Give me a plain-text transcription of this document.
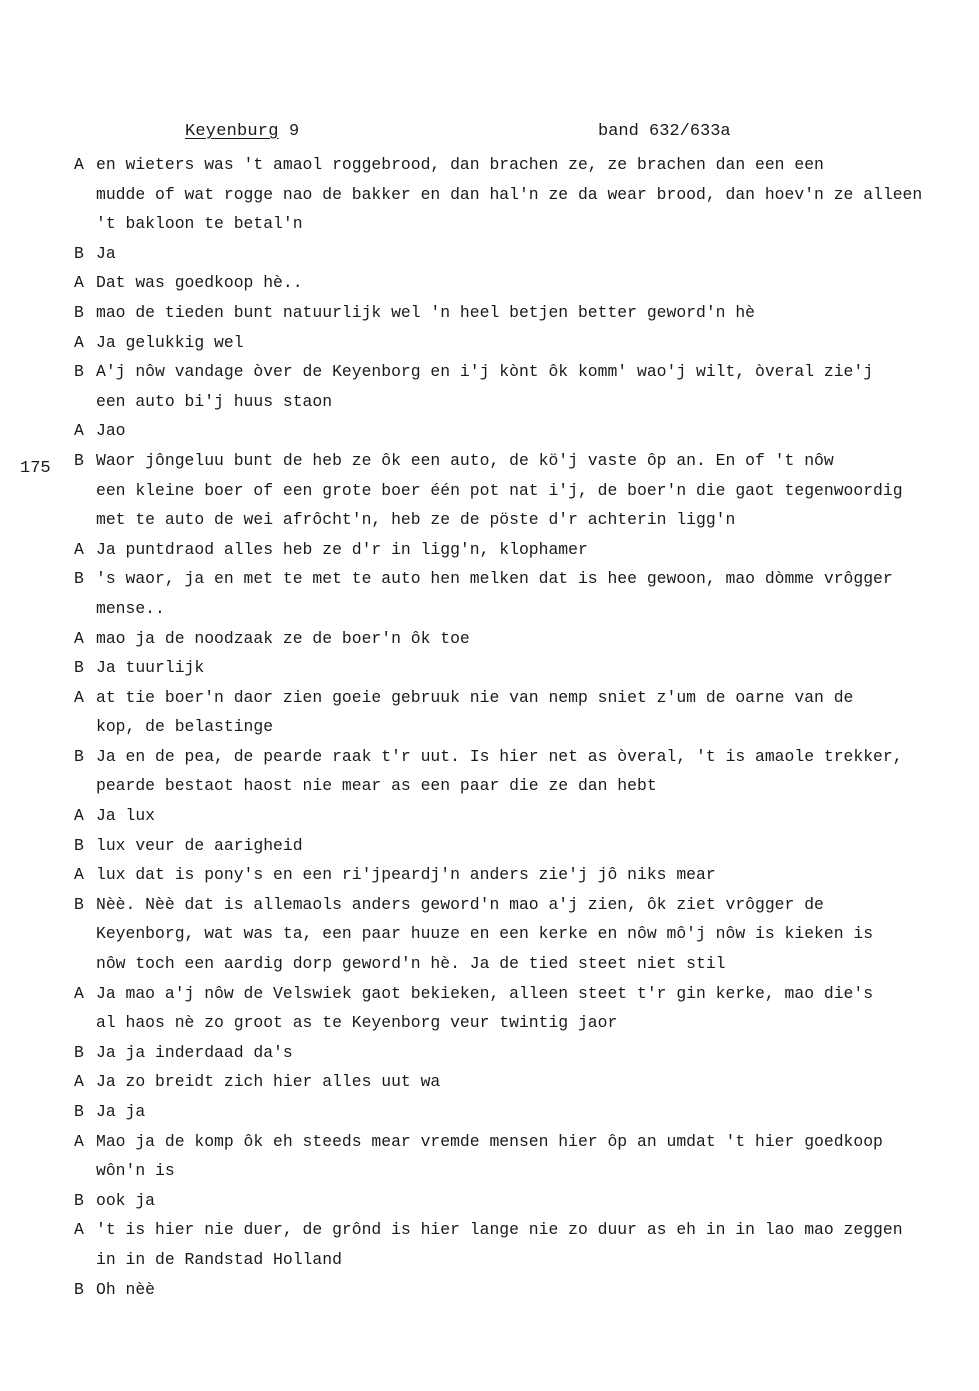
Keyenburg 9	band 632/633a
175
A en wieters was 't amaol roggebrood, dan brachen ze, ze brachen dan een een
mudde of wat rogge nao de bakker en dan hal'n ze da wear brood, dan hoev'n ze alleen
't bakloon te betal'n
B Ja
A Dat was goedkoop hè..
B mao de tieden bunt natuurlijk wel 'n heel betjen better geword'n hè
A Ja gelukkig wel
B A'j nôw vandage òver de Keyenborg en i'j kònt ôk komm' wao'j wilt, òveral zie'j
een auto bi'j huus staon
A Jao
B Waor jôngeluu bunt de heb ze ôk een auto, de kö'j vaste ôp an. En of 't nôw
een kleine boer of een grote boer één pot nat i'j, de boer'n die gaot tegenwoordig
met te auto de wei afrôcht'n, heb ze de pöste d'r achterin ligg'n
A Ja puntdraod alles heb ze d'r in ligg'n, klophamer
B 's waor, ja en met te met te auto hen melken dat is hee gewoon, mao dòmme vrôgger
mense..
A mao ja de noodzaak ze de boer'n ôk toe
B Ja tuurlijk
A at tie boer'n daor zien goeie gebruuk nie van nemp sniet z'um de oarne van de
kop, de belastinge
B Ja en de pea, de pearde raak t'r uut. Is hier net as òveral, 't is amaole trekker,
pearde bestaot haost nie mear as een paar die ze dan hebt
A Ja lux
B lux veur de aarigheid
A lux dat is pony's en een ri'jpeardj'n anders zie'j jô niks mear
B Nèè. Nèè dat is allemaols anders geword'n mao a'j zien, ôk ziet vrôgger de
Keyenborg, wat was ta, een paar huuze en een kerke en nôw mô'j nôw is kieken is
nôw toch een aardig dorp geword'n hè. Ja de tied steet niet stil
A Ja mao a'j nôw de Velswiek gaot bekieken, alleen steet t'r gin kerke, mao die's
al haos nè zo groot as te Keyenborg veur twintig jaor
B Ja ja inderdaad da's
A Ja zo breidt zich hier alles uut wa
B Ja ja
A Mao ja de komp ôk eh steeds mear vremde mensen hier ôp an umdat 't hier goedkoop
wôn'n is
B ook ja
A 't is hier nie duer, de grônd is hier lange nie zo duur as eh in in lao mao zeggen
in in de Randstad Holland
B Oh nèè
